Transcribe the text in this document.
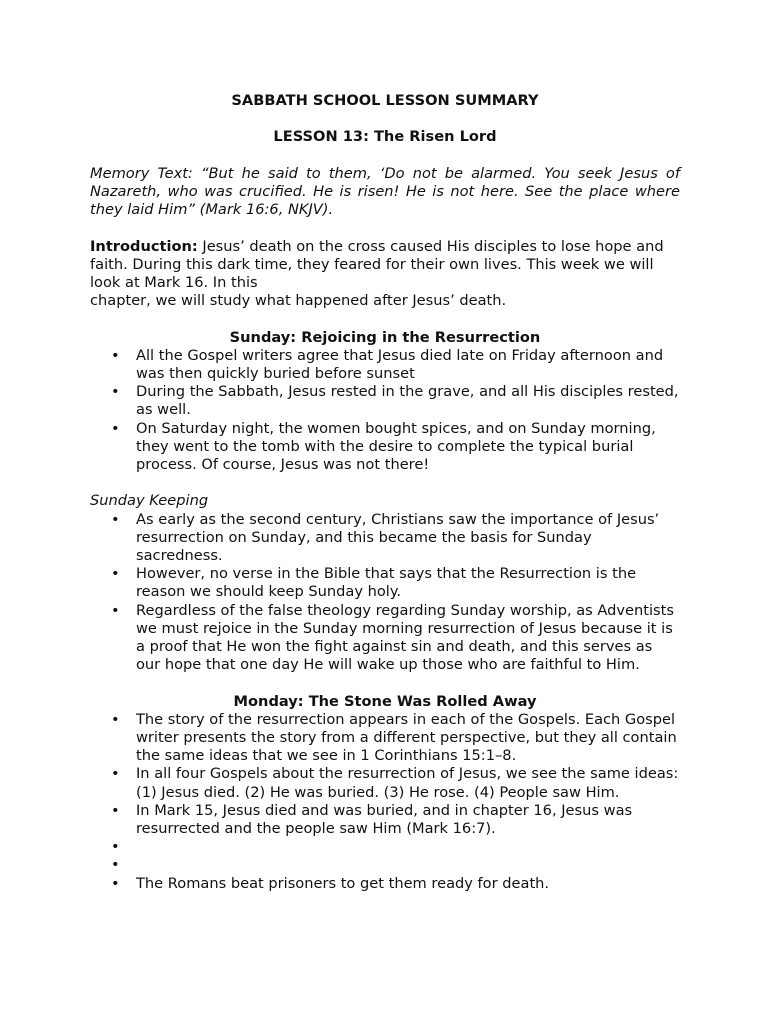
SABBATH SCHOOL LESSON SUMMARY

LESSON 13: The Risen Lord

Memory Text: “But he said to them, ‘Do not be alarmed. You seek Jesus of Nazareth, who was crucified. He is risen! He is not here. See the place where they laid Him” (Mark 16:6, NKJV).

Introduction: Jesus’ death on the cross caused His disciples to lose hope and faith. During this dark time, they feared for their own lives. This week we will look at Mark 16. In this
chapter, we will study what happened after Jesus’ death.

Sunday: Rejoicing in the Resurrection

• All the Gospel writers agree that Jesus died late on Friday afternoon and was then quickly buried before sunset
• During the Sabbath, Jesus rested in the grave, and all His disciples rested, as well.
• On Saturday night, the women bought spices, and on Sunday morning, they went to the tomb with the desire to complete the typical burial process. Of course, Jesus was not there!

Sunday Keeping

• As early as the second century, Christians saw the importance of Jesus’ resurrection on Sunday, and this became the basis for Sunday sacredness.
• However, no verse in the Bible that says that the Resurrection is the reason we should keep Sunday holy.
• Regardless of the false theology regarding Sunday worship, as Adventists we must rejoice in the Sunday morning resurrection of Jesus because it is a proof that He won the fight against sin and death, and this serves as our hope that one day He will wake up those who are faithful to Him.

Monday: The Stone Was Rolled Away

• The story of the resurrection appears in each of the Gospels. Each Gospel writer presents the story from a different perspective, but they all contain the same ideas that we see in 1 Corinthians 15:1–8.
• In all four Gospels about the resurrection of Jesus, we see the same ideas: (1) Jesus died. (2) He was buried. (3) He rose. (4) People saw Him.
• In Mark 15, Jesus died and was buried, and in chapter 16, Jesus was resurrected and the people saw Him (Mark 16:7).
•
•
• The Romans beat prisoners to get them ready for death.
